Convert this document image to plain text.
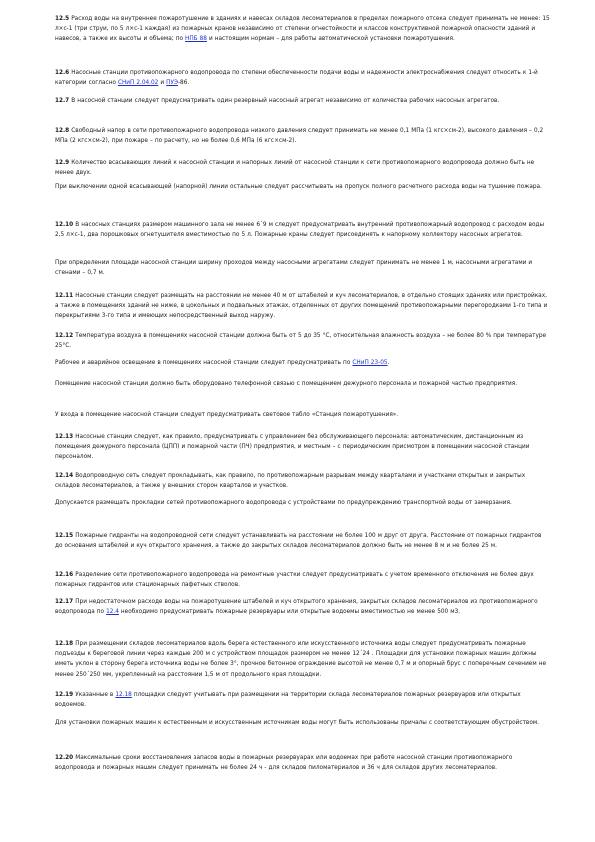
12.5 Расход воды на внутреннее пожаротушение в зданиях и навесах складов лесоматериалов в пределах пожарного отсека следует принимать не менее: 15 л×с-1 (три струи, по 5 л×с-1 каждая) из пожарных кранов независимо от степени огнестойкости и классов конструктивной пожарной опасности зданий и навесов, а также их высоты и объема; по НПБ 88 и настоящим нормам – для работы автоматической установки пожаротушения.

12.6 Насосные станции противопожарного водопровода по степени обеспеченности подачи воды и надежности электроснабжения следует относить к 1-й категории согласно СНиП 2.04.02 и ПУЭ-86.

12.7 В насосной станции следует предусматривать один резервный насосный агрегат независимо от количества рабочих насосных агрегатов.

12.8 Свободный напор в сети противопожарного водопровода низкого давления следует принимать не менее 0,1 МПа (1 кгс×см-2), высокого давления – 0,2 МПа (2 кгс×см-2), при пожаре – по расчету, но не более 0,6 МПа (6 кгс×см-2).

12.9 Количество всасывающих линий к насосной станции и напорных линий от насосной станции к сети противопожарного водопровода должно быть не менее двух.

При выключении одной всасывающей (напорной) линии остальные следует рассчитывать на пропуск полного расчетного расхода воды на тушение пожара.

12.10 В насосных станциях размером машинного зала не менее 6´9 м следует предусматривать внутренний противопожарный водопровод с расходом воды 2,5 л×с-1, два порошковых огнетушителя вместимостью по 5 л. Пожарные краны следует присоединять к напорному коллектору насосных агрегатов.

При определении площади насосной станции ширину проходов между насосными агрегатами следует принимать не менее 1 м, насосными агрегатами и стенами – 0,7 м.

12.11 Насосные станции следует размещать на расстоянии не менее 40 м от штабелей и куч лесоматериалов, в отдельно стоящих зданиях или пристройках, а также в помещениях зданий не ниже, в цокольных и подвальных этажах, отделенных от других помещений противопожарными перегородками 1-го типа и перекрытиями 3-го типа и имеющих непосредственный выход наружу.

12.12 Температура воздуха в помещениях насосной станции должна быть от 5 до 35 °С, относительная влажность воздуха – не более 80 % при температуре 25°С.

Рабочее и аварийное освещение в помещениях насосной станции следует предусматривать по СНиП 23-05.

Помещение насосной станции должно быть оборудовано телефонной связью с помещением дежурного персонала и пожарной частью предприятия.

У входа в помещение насосной станции следует предусматривать световое табло «Станция пожаротушения».

12.13 Насосные станции следует, как правило, предусматривать с управлением без обслуживающего персонала: автоматическим, дистанционным из помещения дежурного персонала (ЦПП) и пожарной части (ПЧ) предприятия, и местным – с периодическим присмотром в помещении насосной станции персоналом.

12.14 Водопроводную сеть следует прокладывать, как правило, по противопожарным разрывам между кварталами и участками открытых и закрытых складов лесоматериалов, а также у внешних сторон кварталов и участков.

Допускается размещать прокладки сетей противопожарного водопровода с устройствами по предупреждению транспортной воды от замерзания.

12.15 Пожарные гидранты на водопроводной сети следует устанавливать на расстоянии не более 100 м друг от друга. Расстояние от пожарных гидрантов до основания штабелей и куч открытого хранения, а также до закрытых складов лесоматериалов должно быть не менее 8 м и не более 25 м.

12.16 Разделение сети противопожарного водопровода на ремонтные участки следует предусматривать с учетом временного отключения не более двух пожарных гидрантов или стационарных лафетных стволов.

12.17 При недостаточном расходе воды на пожаротушение штабелей и куч открытого хранения, закрытых складов лесоматериалов из противопожарного водопровода по 12.4 необходимо предусматривать пожарные резервуары или открытые водоемы вместимостью не менее 500 м3.

12.18 При размещении складов лесоматериалов вдоль берега естественного или искусственного источника воды следует предусматривать пожарные подъезды к береговой линии через каждые 200 м с устройством площадок размером не менее 12´24 . Площадки для установки пожарных машин должны иметь уклон в сторону берега источника воды не более 3°, прочное бетонное ограждение высотой не менее 0,7 м и опорный брус с поперечным сечением не менее 250´250 мм, укрепленный на расстоянии 1,5 м от продольного края площадки.

12.19 Указанные в 12.18 площадки следует учитывать при размещении на территории склада лесоматериалов пожарных резервуаров или открытых водоемов.

Для установки пожарных машин к естественным и искусственным источникам воды могут быть использованы причалы с соответствующим обустройством.

12.20 Максимальные сроки восстановления запасов воды в пожарных резервуарах или водоемах при работе насосной станции противопожарного водопровода и пожарных машин следует принимать не более 24 ч - для складов пиломатериалов и 36 ч для складов других лесоматериалов.
